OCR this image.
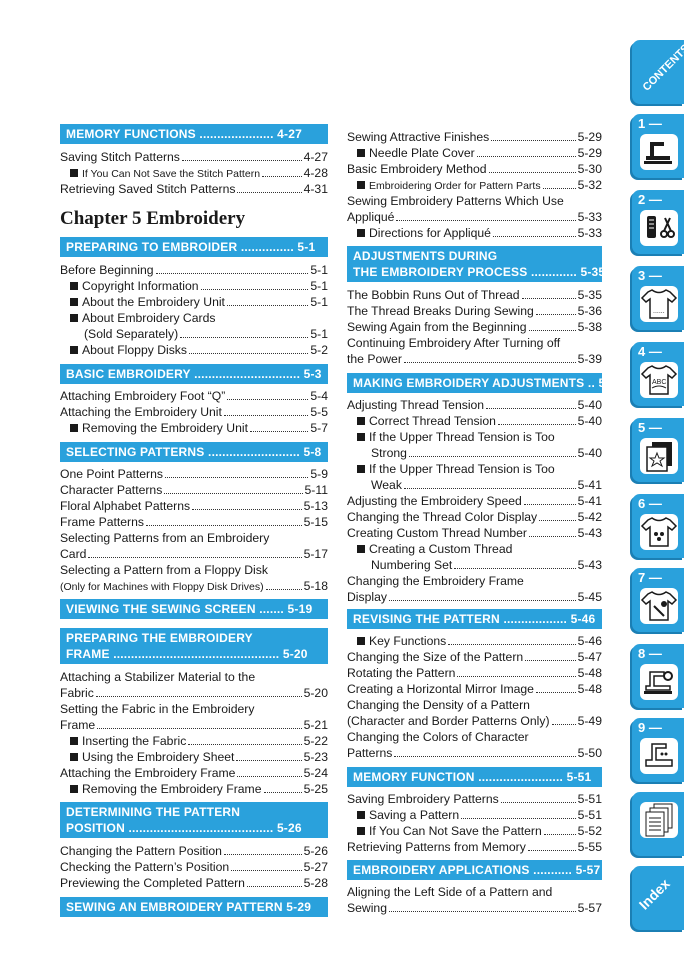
MEMORY FUNCTIONS ..................... 4-27
Saving Stitch Patterns	4-27
If You Can Not Save the Stitch Pattern	4-28
Retrieving Saved Stitch Patterns	4-31
Chapter 5 Embroidery
PREPARING TO EMBROIDER ............... 5-1
Before Beginning	5-1
Copyright Information	5-1
About the Embroidery Unit	5-1
About Embroidery Cards
(Sold Separately)	5-1
About Floppy Disks	5-2
BASIC EMBROIDERY .............................. 5-3
Attaching Embroidery Foot “Q”	5-4
Attaching the Embroidery Unit	5-5
Removing the Embroidery Unit	5-7
SELECTING PATTERNS .......................... 5-8
One Point Patterns	5-9
Character Patterns	5-11
Floral Alphabet Patterns	5-13
Frame Patterns	5-15
Selecting Patterns from an Embroidery
Card	5-17
Selecting a Pattern from a Floppy Disk
(Only for Machines with Floppy Disk Drives)	5-18
VIEWING THE SEWING SCREEN ....... 5-19
PREPARING THE EMBROIDERY
FRAME ............................................... 5-20
Attaching a Stabilizer Material to the
Fabric	5-20
Setting the Fabric in the Embroidery
Frame	5-21
Inserting the Fabric	5-22
Using the Embroidery Sheet	5-23
Attaching the Embroidery Frame	5-24
Removing the Embroidery Frame	5-25
DETERMINING THE PATTERN
POSITION ......................................... 5-26
Changing the Pattern Position	5-26
Checking the Pattern’s Position	5-27
Previewing the Completed Pattern	5-28
SEWING AN EMBROIDERY PATTERN 5-29
Sewing Attractive Finishes	5-29
Needle Plate Cover	5-29
Basic Embroidery Method	5-30
Embroidering Order for Pattern Parts	5-32
Sewing Embroidery Patterns Which Use
Appliqué	5-33
Directions for Appliqué	5-33
ADJUSTMENTS DURING
THE EMBROIDERY PROCESS ............. 5-35
The Bobbin Runs Out of Thread	5-35
The Thread Breaks During Sewing	5-36
Sewing Again from the Beginning	5-38
Continuing Embroidery After Turning off
the Power	5-39
MAKING EMBROIDERY ADJUSTMENTS .. 5-40
Adjusting Thread Tension	5-40
Correct Thread Tension	5-40
If the Upper Thread Tension is Too
Strong	5-40
If the Upper Thread Tension is Too
Weak	5-41
Adjusting the Embroidery Speed	5-41
Changing the Thread Color Display	5-42
Creating Custom Thread Number	5-43
Creating a Custom Thread
Numbering Set	5-43
Changing the Embroidery Frame
Display	5-45
REVISING THE PATTERN .................. 5-46
Key Functions	5-46
Changing the Size of the Pattern	5-47
Rotating the Pattern	5-48
Creating a Horizontal Mirror Image	5-48
Changing the Density of a Pattern
(Character and Border Patterns Only) 5-49
Changing the Colors of Character
Patterns	5-50
MEMORY FUNCTION ........................ 5-51
Saving Embroidery Patterns	5-51
Saving a Pattern	5-51
If You Can Not Save the Pattern	5-52
Retrieving Patterns from Memory	5-55
EMBROIDERY APPLICATIONS ........... 5-57
Aligning the Left Side of a Pattern and
Sewing	5-57
CONTENTS
1 —
2 —
3 —
......
4 —
ABC
5 —
6 —
7 —
8 —
9 —
Index
